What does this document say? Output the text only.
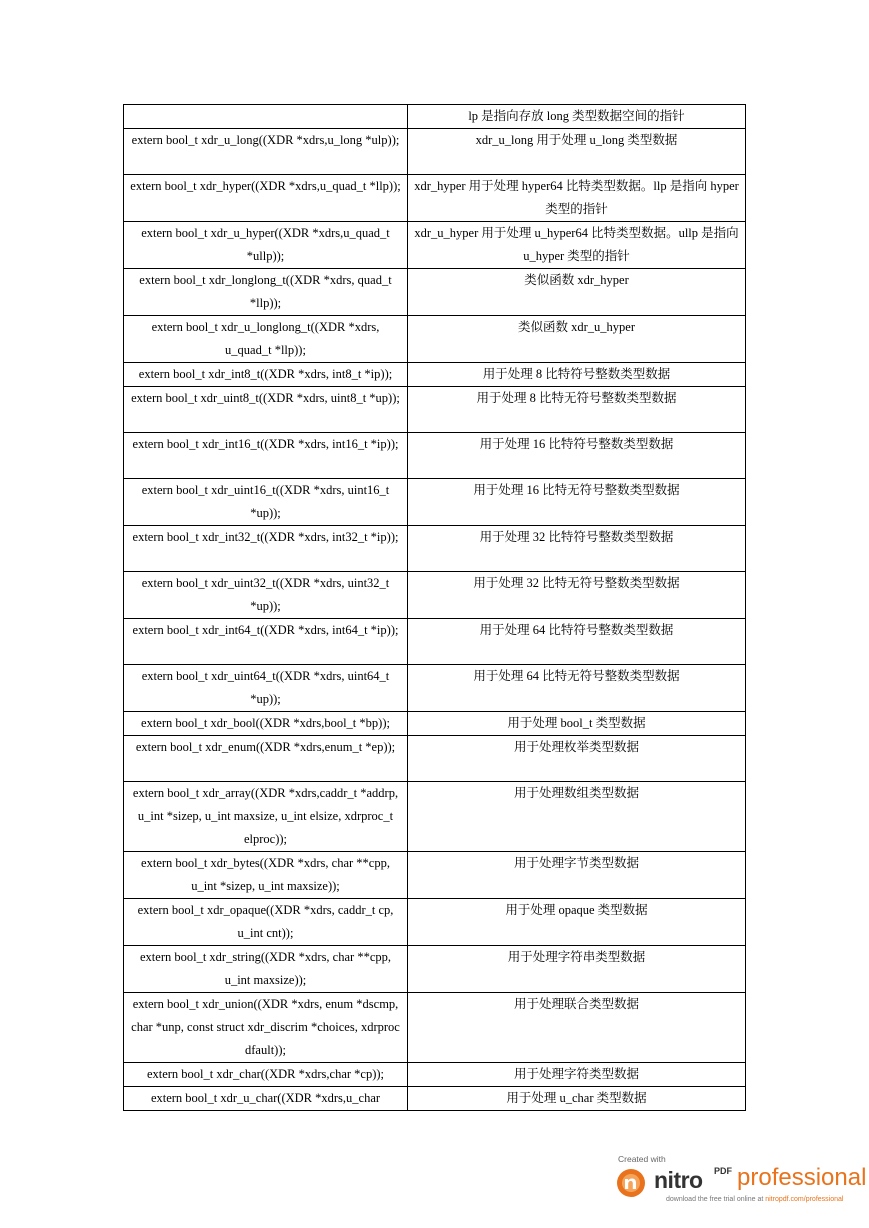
	lp 是指向存放 long 类型数据空间的指针
extern bool_t xdr_u_long((XDR *xdrs,u_long *ulp));	xdr_u_long 用于处理 u_long 类型数据
extern bool_t xdr_hyper((XDR *xdrs,u_quad_t *llp));	xdr_hyper 用于处理 hyper64 比特类型数据。llp 是指向 hyper 类型的指针
extern bool_t xdr_u_hyper((XDR *xdrs,u_quad_t *ullp));	xdr_u_hyper 用于处理 u_hyper64 比特类型数据。ullp 是指向 u_hyper 类型的指针
extern bool_t xdr_longlong_t((XDR *xdrs, quad_t *llp));	类似函数 xdr_hyper
extern bool_t xdr_u_longlong_t((XDR *xdrs, u_quad_t *llp));	类似函数 xdr_u_hyper
extern bool_t xdr_int8_t((XDR *xdrs, int8_t *ip));	用于处理 8 比特符号整数类型数据
extern bool_t xdr_uint8_t((XDR *xdrs, uint8_t *up));	用于处理 8 比特无符号整数类型数据
extern bool_t xdr_int16_t((XDR *xdrs, int16_t *ip));	用于处理 16 比特符号整数类型数据
extern bool_t xdr_uint16_t((XDR *xdrs, uint16_t *up));	用于处理 16 比特无符号整数类型数据
extern bool_t xdr_int32_t((XDR *xdrs, int32_t *ip));	用于处理 32 比特符号整数类型数据
extern bool_t xdr_uint32_t((XDR *xdrs, uint32_t *up));	用于处理 32 比特无符号整数类型数据
extern bool_t xdr_int64_t((XDR *xdrs, int64_t *ip));	用于处理 64 比特符号整数类型数据
extern bool_t xdr_uint64_t((XDR *xdrs, uint64_t *up));	用于处理 64 比特无符号整数类型数据
extern bool_t xdr_bool((XDR *xdrs,bool_t *bp));	用于处理 bool_t 类型数据
extern bool_t xdr_enum((XDR *xdrs,enum_t *ep));	用于处理枚举类型数据
extern bool_t xdr_array((XDR *xdrs,caddr_t *addrp, u_int *sizep, u_int maxsize, u_int elsize, xdrproc_t elproc));	用于处理数组类型数据
extern bool_t xdr_bytes((XDR *xdrs, char **cpp, u_int *sizep, u_int maxsize));	用于处理字节类型数据
extern bool_t xdr_opaque((XDR *xdrs, caddr_t cp, u_int cnt));	用于处理 opaque 类型数据
extern bool_t xdr_string((XDR *xdrs, char **cpp, u_int maxsize));	用于处理字符串类型数据
extern bool_t xdr_union((XDR *xdrs, enum *dscmp, char *unp, const struct xdr_discrim *choices, xdrproc dfault));	用于处理联合类型数据
extern bool_t xdr_char((XDR *xdrs,char *cp));	用于处理字符类型数据
extern bool_t xdr_u_char((XDR *xdrs,u_char	用于处理 u_char 类型数据
Created with
nitro PDF professional
download the free trial online at nitropdf.com/professional
